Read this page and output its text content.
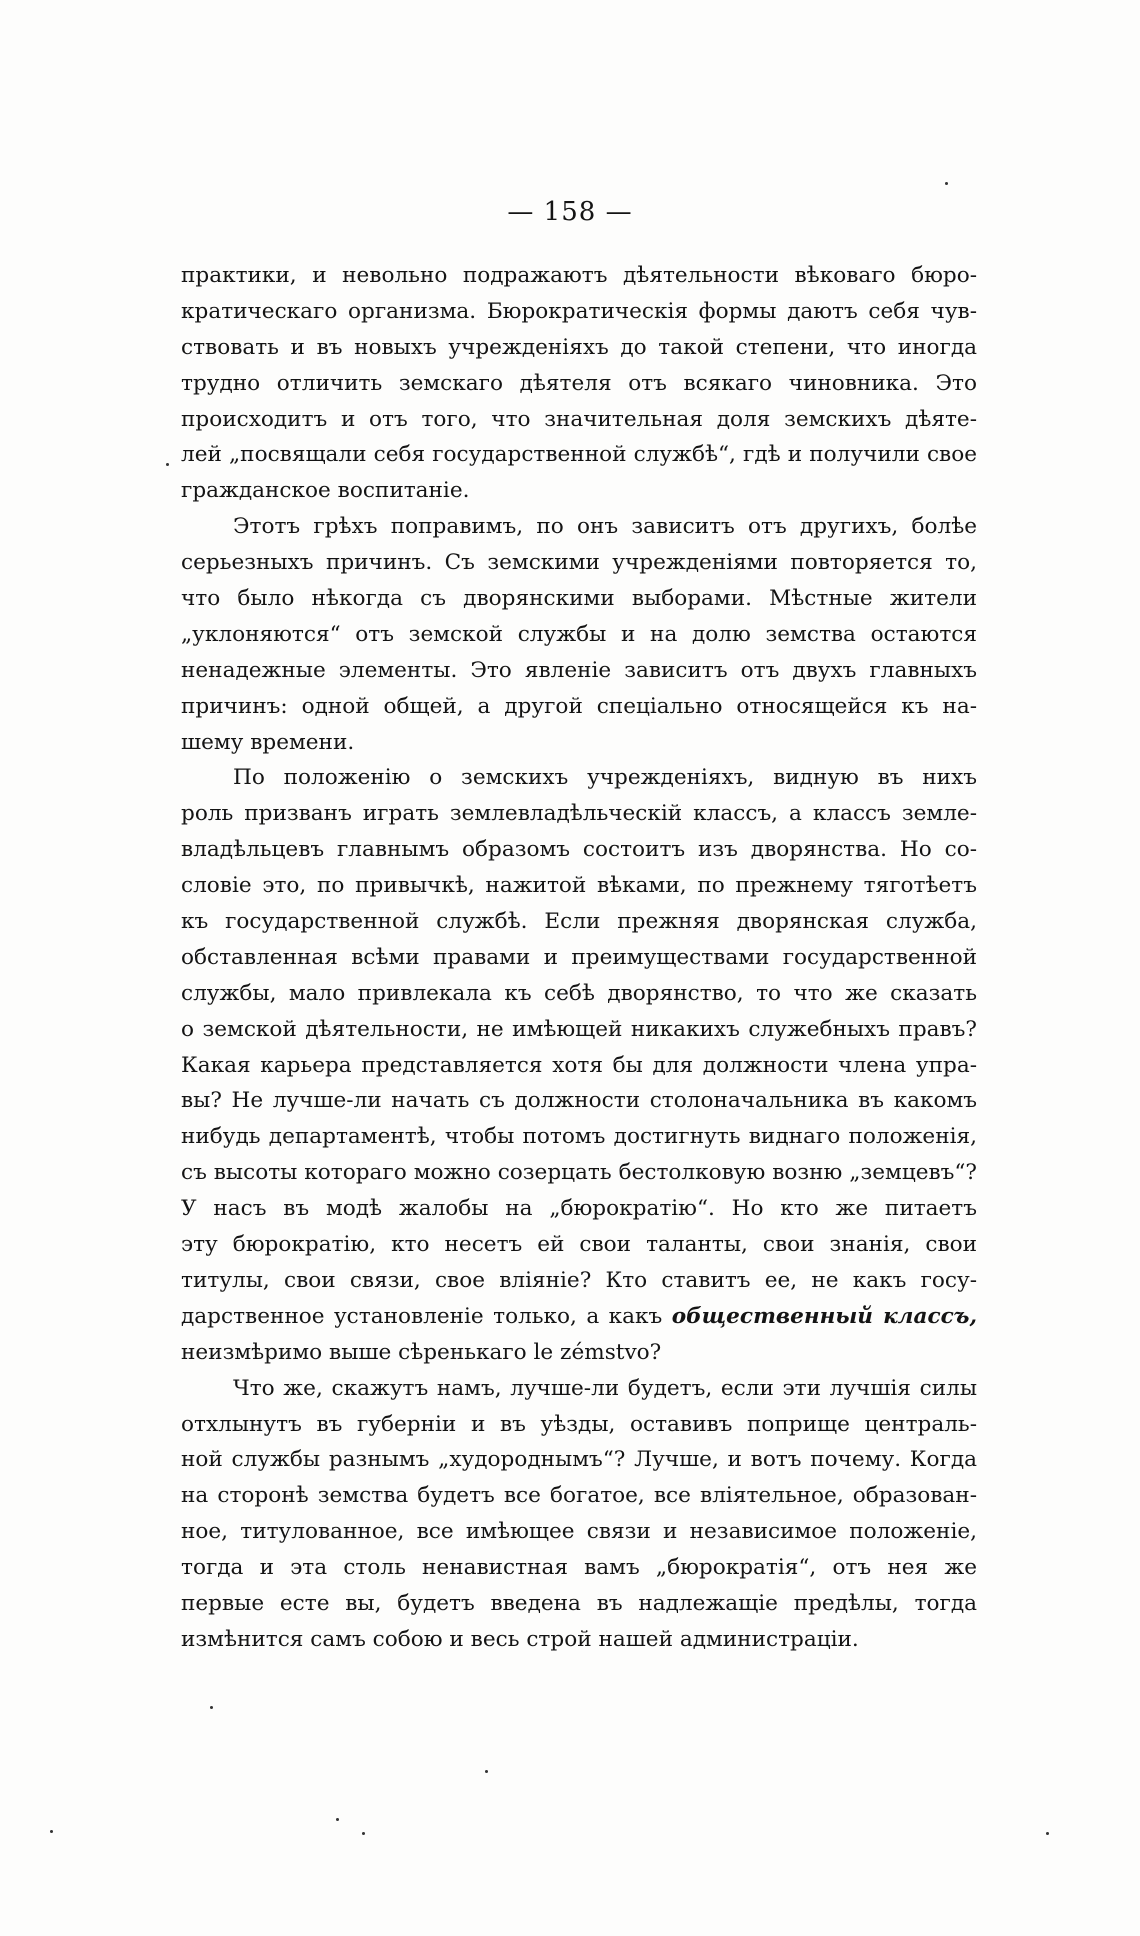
— 158 —
практики, и невольно подражаютъ дѣятельности вѣковаго бюро-
кратическаго организма. Бюрократическія формы даютъ себя чув-
ствовать и въ новыхъ учрежденіяхъ до такой степени, что иногда
трудно отличить земскаго дѣятеля отъ всякаго чиновника. Это
происходитъ и отъ того, что значительная доля земскихъ дѣяте-
лей „посвящали себя государственной службѣ“, гдѣ и получили свое
гражданское воспитаніе.
Этотъ грѣхъ поправимъ, по онъ зависитъ отъ другихъ, болѣе
серьезныхъ причинъ. Съ земскими учрежденіями повторяется то,
что было нѣкогда съ дворянскими выборами. Мѣстные жители
„уклоняются“ отъ земской службы и на долю земства остаются
ненадежные элементы. Это явленіе зависитъ отъ двухъ главныхъ
причинъ: одной общей, а другой спеціально относящейся къ на-
шему времени.
По положенію о земскихъ учрежденіяхъ, видную въ нихъ
роль призванъ играть землевладѣльческій классъ, а классъ земле-
владѣльцевъ главнымъ образомъ состоитъ изъ дворянства. Но со-
словіе это, по привычкѣ, нажитой вѣками, по прежнему тяготѣетъ
къ государственной службѣ. Если прежняя дворянская служба,
обставленная всѣми правами и преимуществами государственной
службы, мало привлекала къ себѣ дворянство, то что же сказать
о земской дѣятельности, не имѣющей никакихъ служебныхъ правъ?
Какая карьера представляется хотя бы для должности члена упра-
вы? Не лучше-ли начать съ должности столоначальника въ какомъ
нибудь департаментѣ, чтобы потомъ достигнуть виднаго положенія,
съ высоты котораго можно созерцать бестолковую возню „земцевъ“?
У насъ въ модѣ жалобы на „бюрократію“. Но кто же питаетъ
эту бюрократію, кто несетъ ей свои таланты, свои знанія, свои
титулы, свои связи, свое вліяніе? Кто ставитъ ее, не какъ госу-
дарственное установленіе только, а какъ общественный классъ,
неизмѣримо выше сѣренькаго le zémstvo?
Что же, скажутъ намъ, лучше-ли будетъ, если эти лучшія силы
отхлынутъ въ губерніи и въ уѣзды, оставивъ поприще централь-
ной службы разнымъ „худороднымъ“? Лучше, и вотъ почему. Когда
на сторонѣ земства будетъ все богатое, все вліятельное, образован-
ное, титулованное, все имѣющее связи и независимое положеніе,
тогда и эта столь ненавистная вамъ „бюрократія“, отъ нея же
первые есте вы, будетъ введена въ надлежащіе предѣлы, тогда
измѣнится самъ собою и весь строй нашей администраціи.
